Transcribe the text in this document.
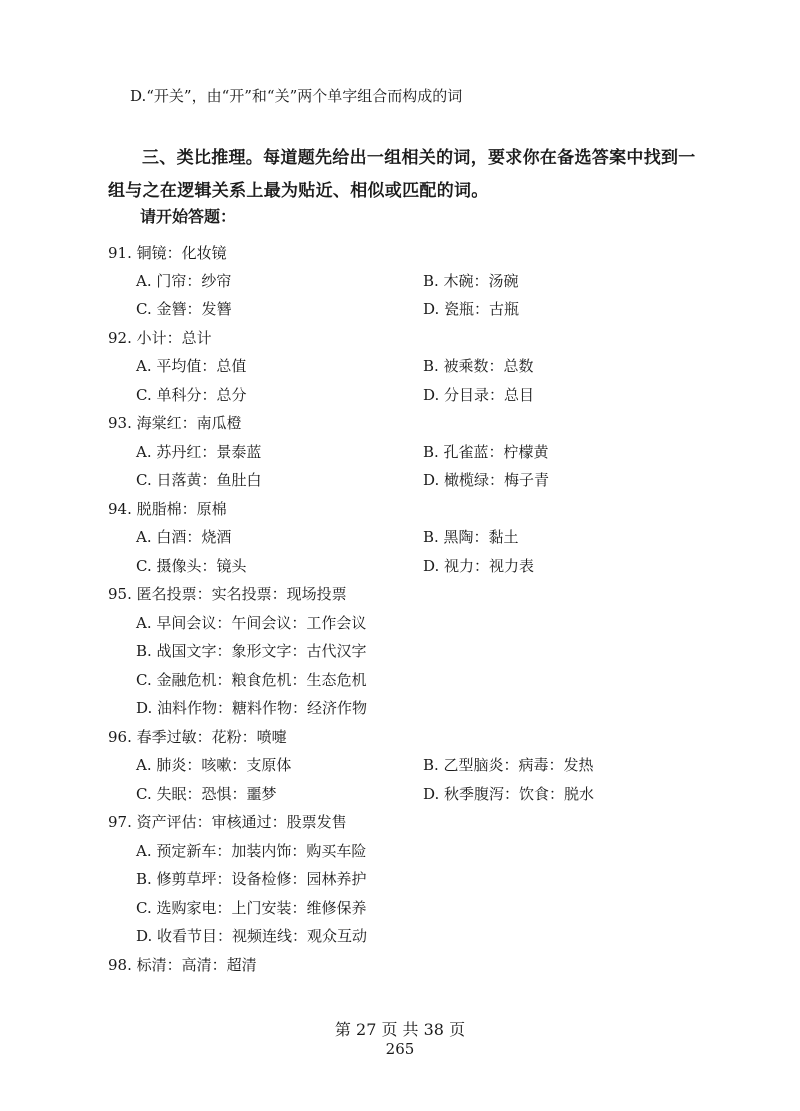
D.“开关”，由“开”和“关”两个单字组合而构成的词
三、类比推理。每道题先给出一组相关的词，要求你在备选答案中找到一组与之在逻辑关系上最为贴近、相似或匹配的词。
请开始答题：
91. 铜镜：化妆镜
A. 门帘：纱帘	B. 木碗：汤碗
C. 金簪：发簪	D. 瓷瓶：古瓶
92. 小计：总计
A. 平均值：总值	B. 被乘数：总数
C. 单科分：总分	D. 分目录：总目
93. 海棠红：南瓜橙
A. 苏丹红：景泰蓝	B. 孔雀蓝：柠檬黄
C. 日落黄：鱼肚白	D. 橄榄绿：梅子青
94. 脱脂棉：原棉
A. 白酒：烧酒	B. 黑陶：黏土
C. 摄像头：镜头	D. 视力：视力表
95. 匿名投票：实名投票：现场投票
A. 早间会议：午间会议：工作会议
B. 战国文字：象形文字：古代汉字
C. 金融危机：粮食危机：生态危机
D. 油料作物：糖料作物：经济作物
96. 春季过敏：花粉：喷嚏
A. 肺炎：咳嗽：支原体	B. 乙型脑炎：病毒：发热
C. 失眠：恐惧：噩梦	D. 秋季腹泻：饮食：脱水
97. 资产评估：审核通过：股票发售
A. 预定新车：加装内饰：购买车险
B. 修剪草坪：设备检修：园林养护
C. 选购家电：上门安装：维修保养
D. 收看节目：视频连线：观众互动
98. 标清：高清：超清
第 27 页 共 38 页
265
